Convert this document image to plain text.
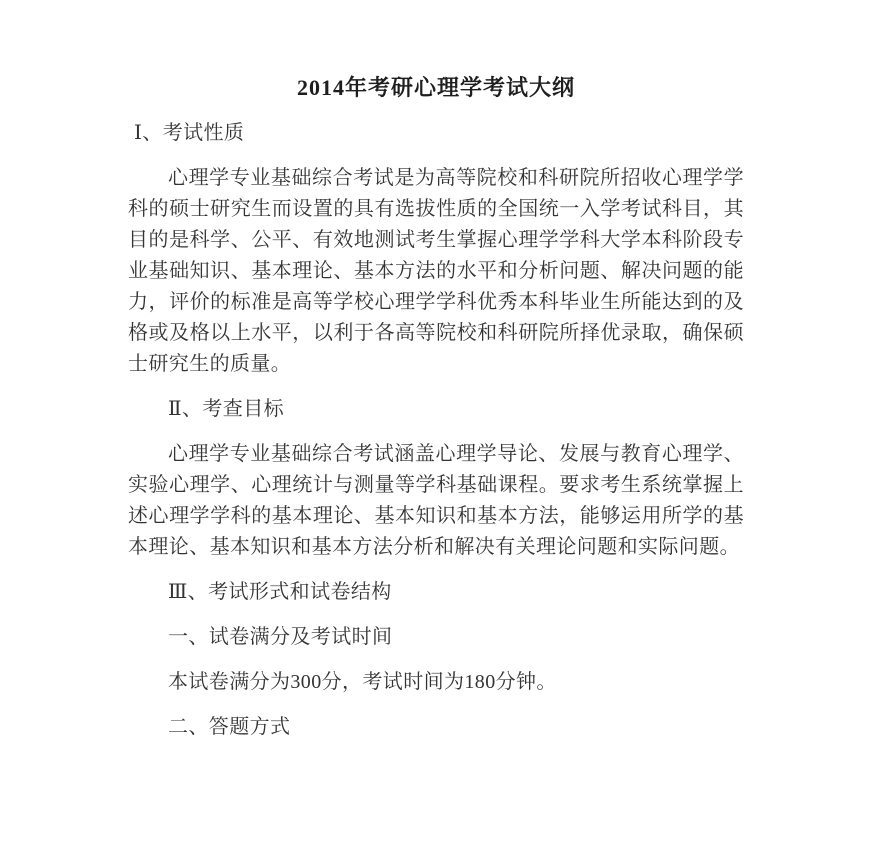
2014年考研心理学考试大纲
Ⅰ、考试性质

心理学专业基础综合考试是为高等院校和科研院所招收心理学学科的硕士研究生而设置的具有选拔性质的全国统一入学考试科目，其目的是科学、公平、有效地测试考生掌握心理学学科大学本科阶段专业基础知识、基本理论、基本方法的水平和分析问题、解决问题的能力，评价的标准是高等学校心理学学科优秀本科毕业生所能达到的及格或及格以上水平，以利于各高等院校和科研院所择优录取，确保硕士研究生的质量。

Ⅱ、考查目标

心理学专业基础综合考试涵盖心理学导论、发展与教育心理学、实验心理学、心理统计与测量等学科基础课程。要求考生系统掌握上述心理学学科的基本理论、基本知识和基本方法，能够运用所学的基本理论、基本知识和基本方法分析和解决有关理论问题和实际问题。

Ⅲ、考试形式和试卷结构
一、试卷满分及考试时间

本试卷满分为300分，考试时间为180分钟。

二、答题方式
